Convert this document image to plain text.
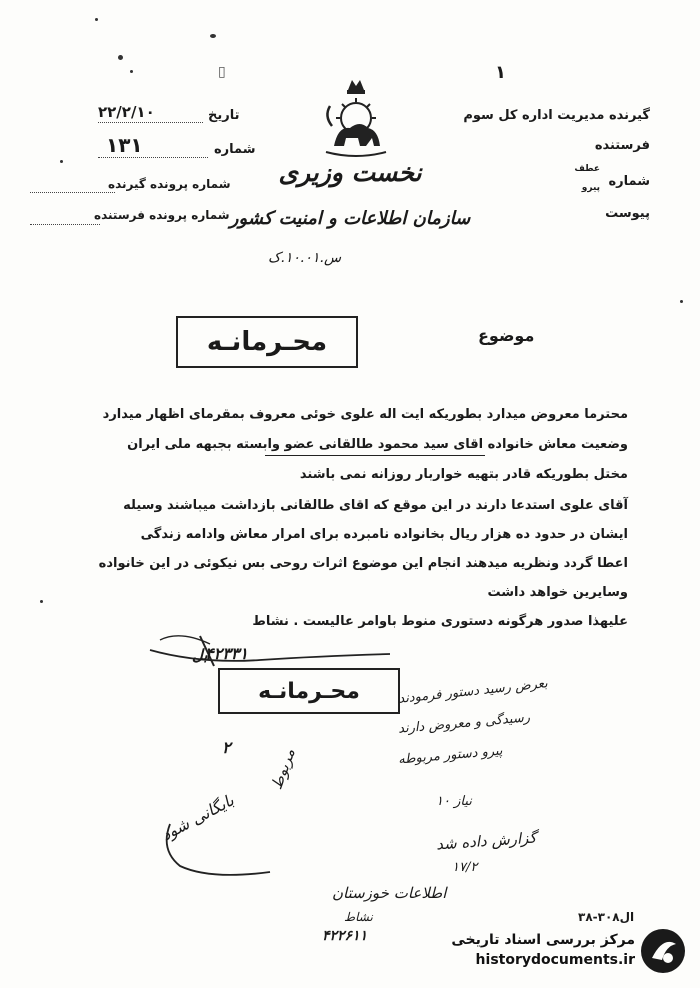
۱
▯
گیرنده مدیریت اداره کل سوم
فرستنده
شماره
عطف
پیرو
پیوست
تاریخ
۲۲/۲/۱۰
شماره
۱۳۱
شماره پرونده گیرنده
شماره پرونده فرستنده
نخست وزیری
سازمان اطلاعات و امنیت کشور
س.۱۰.۰۱.ک
موضوع
محـرمانـه
محترما معروض میدارد بطوریکه ایت اله علوی خوئی معروف بمقرمای اظهار میدارد
وضعیت معاش خانواده اقای سید محمود طالقانی عضو وابسته بجبهه ملی ایران
مختل بطوریکه قادر بتهیه خواربار روزانه نمی باشند
آقای علوی استدعا دارند در این موقع که اقای طالقانی بازداشت میباشند وسیله
ایشان در حدود ده هزار ریال بخانواده نامبرده برای امرار معاش وادامه زندگی
اعطا گردد ونظریه میدهند انجام این موضوع اثرات روحی بس نیکوئی در این خانواده
وسایرین خواهد داشت
علیهذا صدور هرگونه دستوری منوط باوامر عالیست . نشاط
بل
۴۲۳۳۱
محـرمانـه	بعرض رسید دستور فرمودند
رسیدگی و معروض دارند
پیرو دستور مربوطه
۲ مربوط
نیاز ۱۰
گزارش داده شد
۱۷/۲
بایگانی شود
اطلاعات خوزستان
نشاط
۴۲۲۶۱۱
۳۸-۳۰۸ال
مرکز بررسی اسناد تاریخی
historydocuments.ir
